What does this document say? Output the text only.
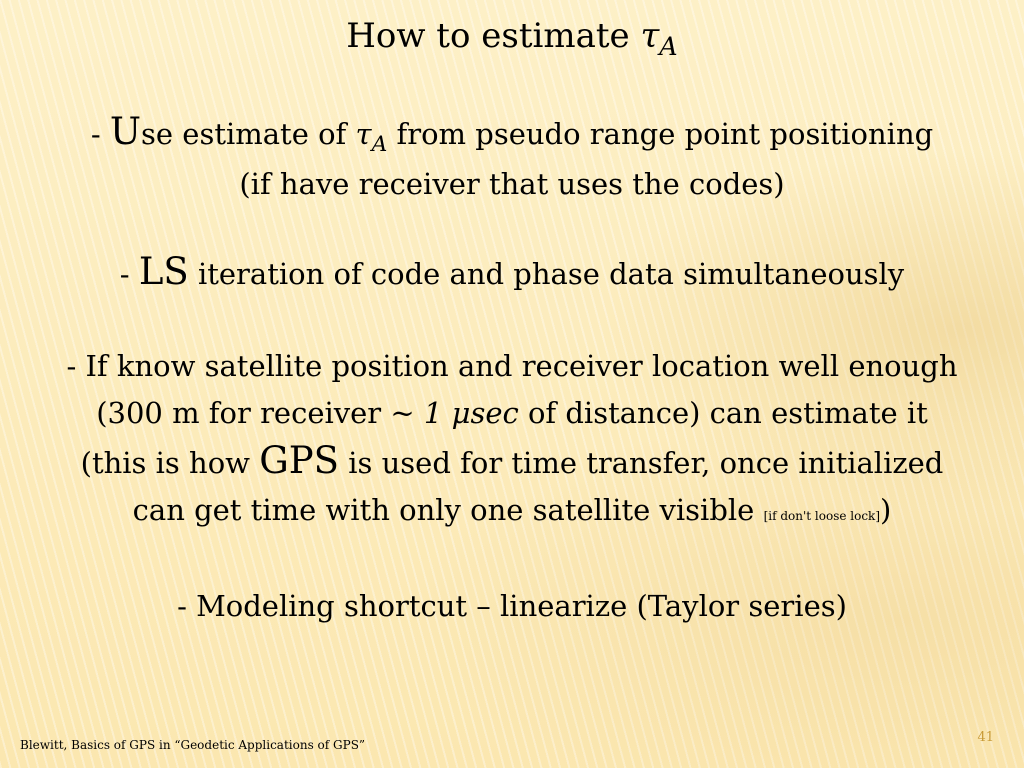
How to estimate $\tau_A$
- Use estimate of $\tau_A$ from pseudo range point positioning
(if have receiver that uses the codes)
- LS iteration of code and phase data simultaneously
- If know satellite position and receiver location well enough
(300 m for receiver ~ 1 μsec of distance) can estimate it
(this is how GPS is used for time transfer, once initialized
can get time with only one satellite visible [if don't loose lock])
- Modeling shortcut – linearize (Taylor series)
Blewitt, Basics of GPS in “Geodetic Applications of GPS”	41
